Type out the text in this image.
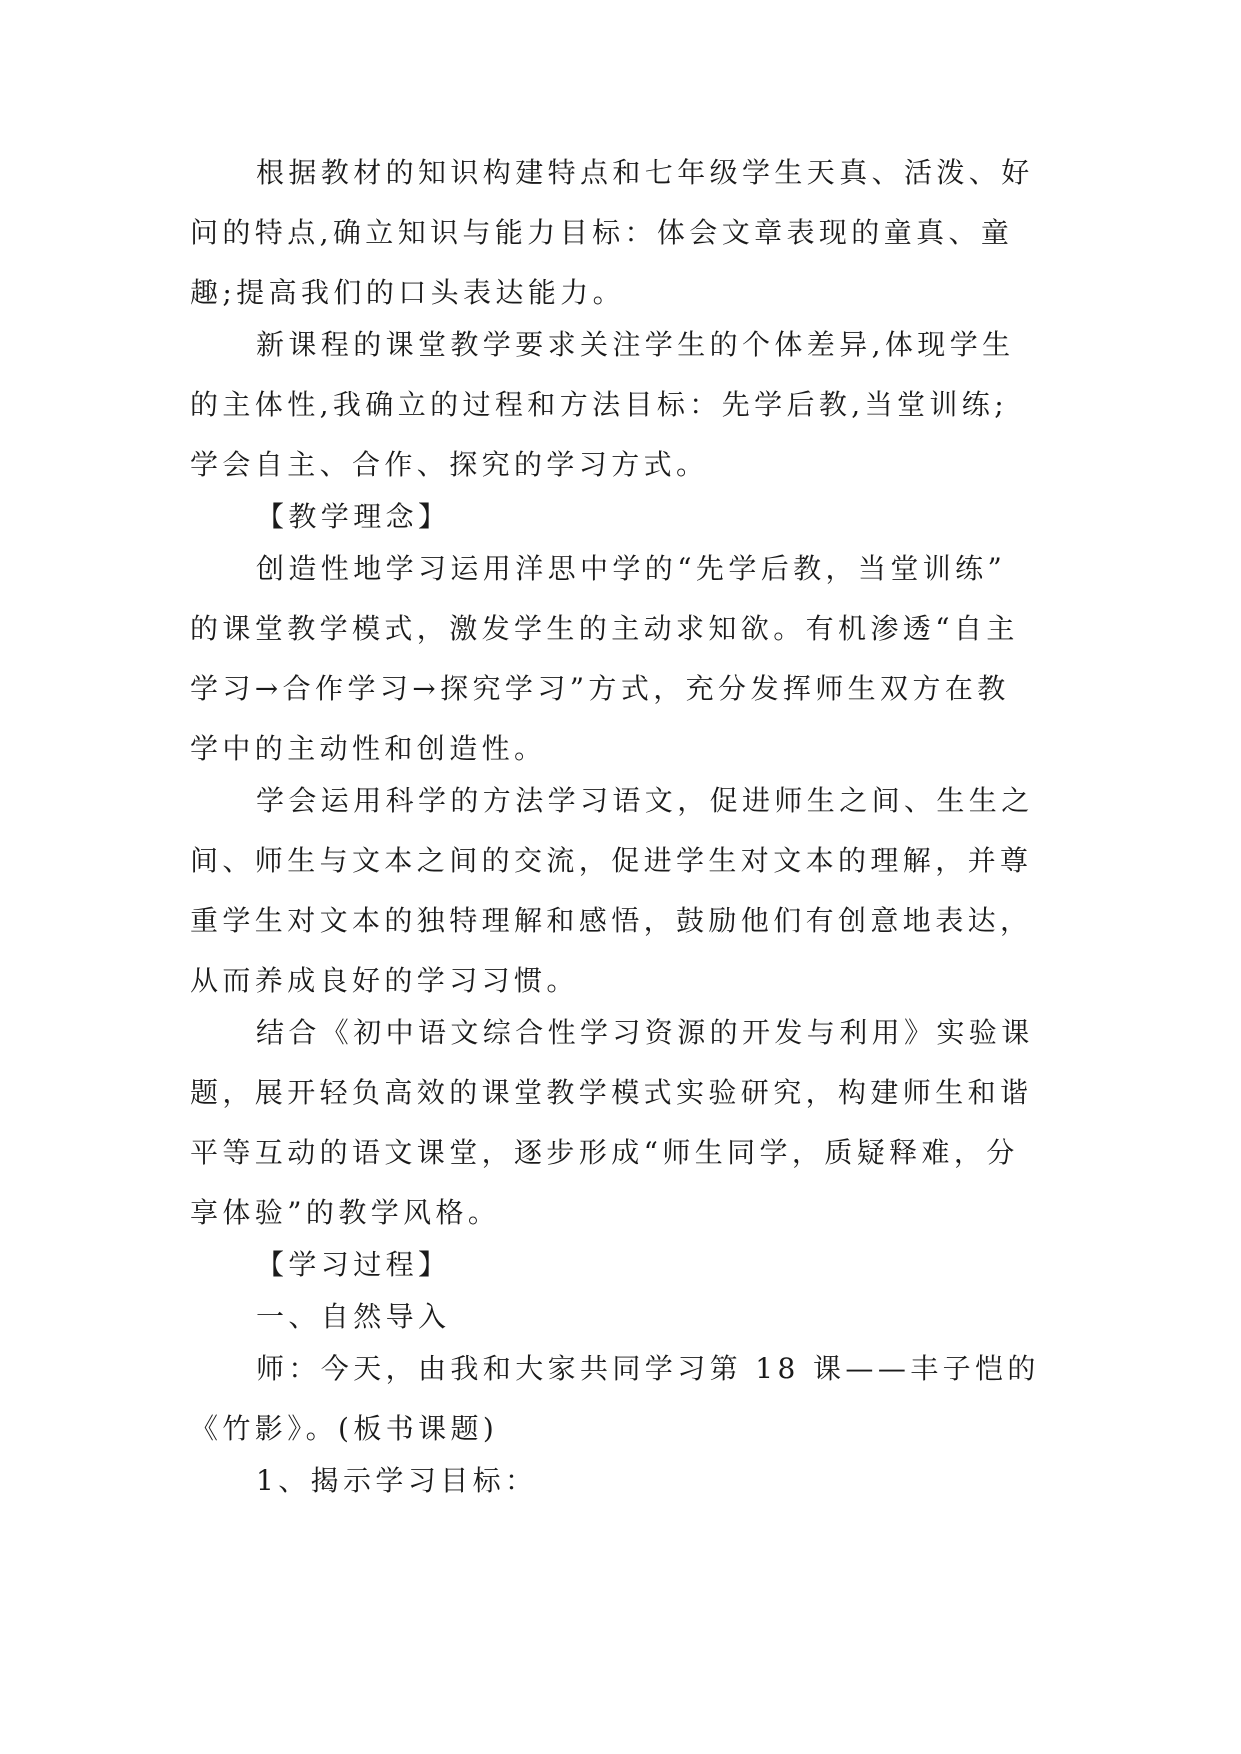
根据教材的知识构建特点和七年级学生天真、活泼、好
问的特点,确立知识与能力目标：体会文章表现的童真、童
趣;提高我们的口头表达能力。
新课程的课堂教学要求关注学生的个体差异,体现学生
的主体性,我确立的过程和方法目标：先学后教,当堂训练;
学会自主、合作、探究的学习方式。
【教学理念】
创造性地学习运用洋思中学的“先学后教，当堂训练”
的课堂教学模式，激发学生的主动求知欲。有机渗透“自主
学习→合作学习→探究学习”方式，充分发挥师生双方在教
学中的主动性和创造性。
学会运用科学的方法学习语文，促进师生之间、生生之
间、师生与文本之间的交流，促进学生对文本的理解，并尊
重学生对文本的独特理解和感悟，鼓励他们有创意地表达，
从而养成良好的学习习惯。
结合《初中语文综合性学习资源的开发与利用》实验课
题，展开轻负高效的课堂教学模式实验研究，构建师生和谐
平等互动的语文课堂，逐步形成“师生同学，质疑释难，分
享体验”的教学风格。
【学习过程】
一、自然导入
师：今天，由我和大家共同学习第 18 课——丰子恺的
《竹影》。(板书课题)
1、揭示学习目标：
